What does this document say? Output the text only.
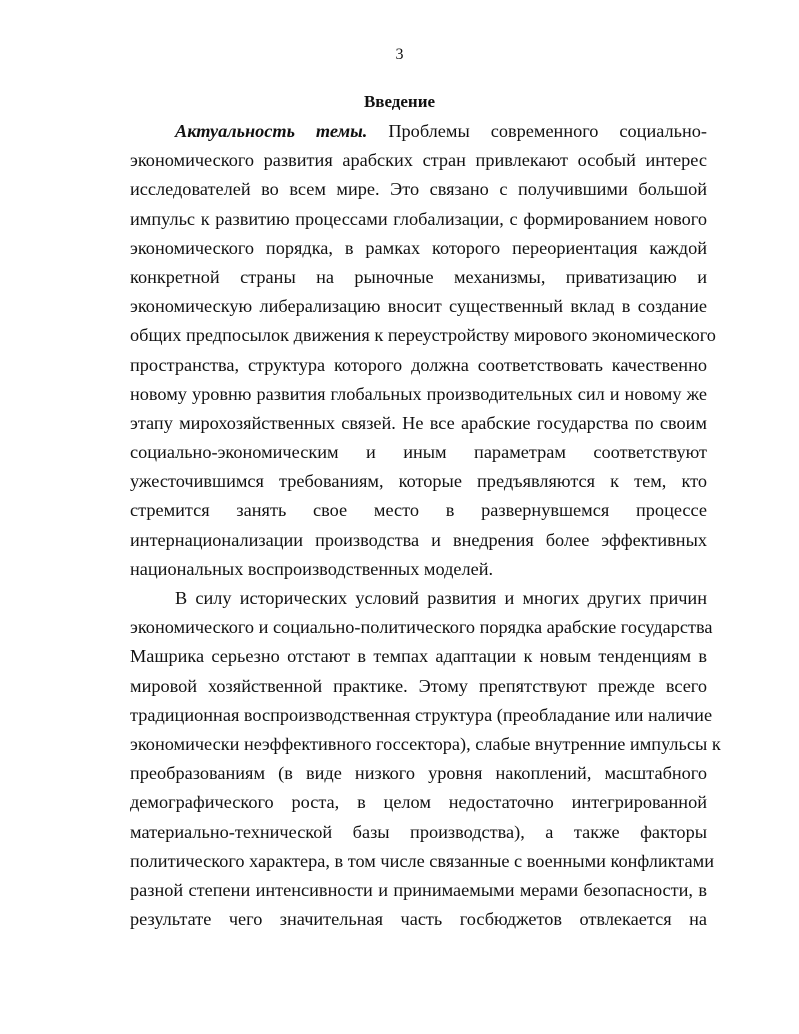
3
Введение

Актуальность темы. Проблемы современного социально-
экономического развития арабских стран привлекают особый интерес
исследователей во всем мире. Это связано с получившими большой
импульс к развитию процессами глобализации, с формированием нового
экономического порядка, в рамках которого переориентация каждой
конкретной страны на рыночные механизмы, приватизацию и
экономическую либерализацию вносит существенный вклад в создание
общих предпосылок движения к переустройству мирового экономического
пространства, структура которого должна соответствовать качественно
новому уровню развития глобальных производительных сил и новому же
этапу мирохозяйственных связей. Не все арабские государства по своим
социально-экономическим и иным параметрам соответствуют
ужесточившимся требованиям, которые предъявляются к тем, кто
стремится занять свое место в развернувшемся процессе
интернационализации производства и внедрения более эффективных
национальных воспроизводственных моделей.

В силу исторических условий развития и многих других причин
экономического и социально-политического порядка арабские государства
Машрика серьезно отстают в темпах адаптации к новым тенденциям в
мировой хозяйственной практике. Этому препятствуют прежде всего
традиционная воспроизводственная структура (преобладание или наличие
экономически неэффективного госсектора), слабые внутренние импульсы к
преобразованиям (в виде низкого уровня накоплений, масштабного
демографического роста, в целом недостаточно интегрированной
материально-технической базы производства), а также факторы
политического характера, в том числе связанные с военными конфликтами
разной степени интенсивности и принимаемыми мерами безопасности, в
результате чего значительная часть госбюджетов отвлекается на
